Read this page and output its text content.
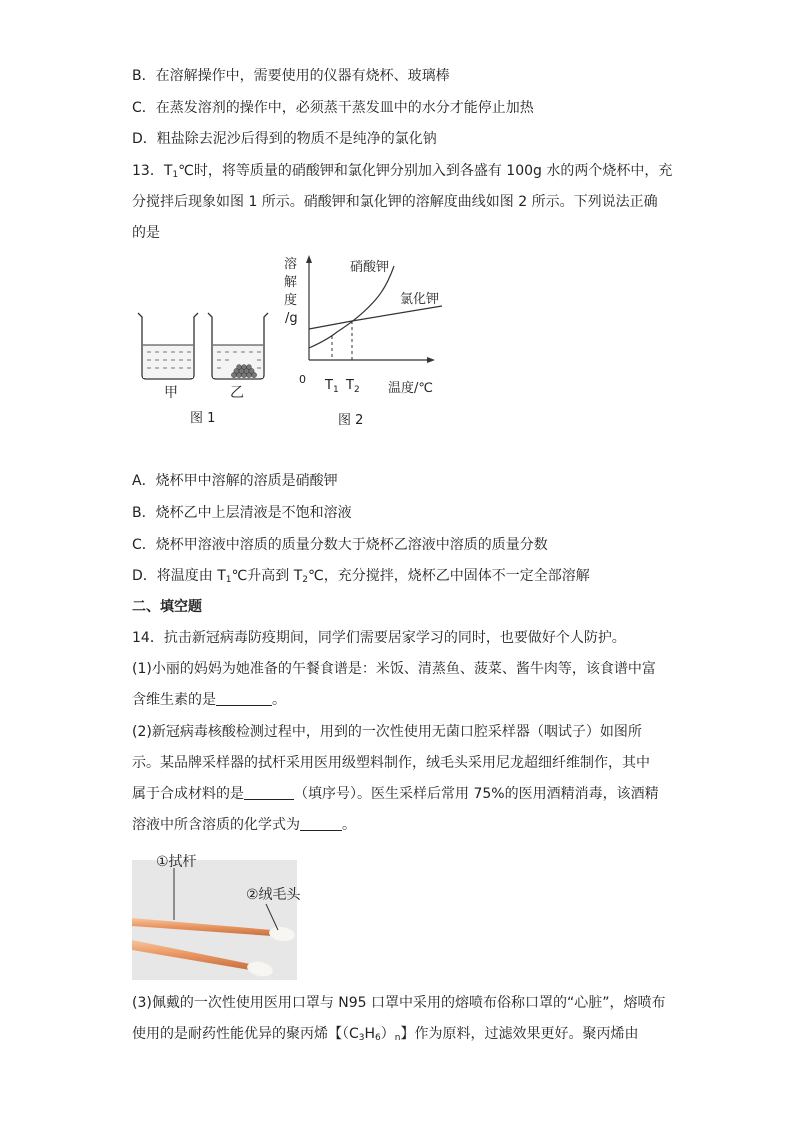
B．在溶解操作中，需要使用的仪器有烧杯、玻璃棒
C．在蒸发溶剂的操作中，必须蒸干蒸发皿中的水分才能停止加热
D．粗盐除去泥沙后得到的物质不是纯净的氯化钠
13．$T_1℃$时，将等质量的硝酸钾和氯化钾分别加入到各盛有 100g 水的两个烧杯中，充
分搅拌后现象如图 1 所示。硝酸钾和氯化钾的溶解度曲线如图 2 所示。下列说法正确
的是
甲	乙
图 1
溶
解
度
/g
0
硝酸钾
氯化钾
$T_1$ $T_2$ 温度/℃
图 2
A．烧杯甲中溶解的溶质是硝酸钾
B．烧杯乙中上层清液是不饱和溶液
C．烧杯甲溶液中溶质的质量分数大于烧杯乙溶液中溶质的质量分数
D．将温度由 $T_1℃$升高到 $T_2℃$，充分搅拌，烧杯乙中固体不一定全部溶解
二、填空题
14．抗击新冠病毒防疫期间，同学们需要居家学习的同时，也要做好个人防护。
(1)小丽的妈妈为她准备的午餐食谱是：米饭、清蒸鱼、菠菜、酱牛肉等，该食谱中富
含维生素的是	。
(2)新冠病毒核酸检测过程中，用到的一次性使用无菌口腔采样器（咽试子）如图所
示。某品牌采样器的拭杆采用医用级塑料制作，绒毛头采用尼龙超细纤维制作，其中
属于合成材料的是	（填序号）。医生采样后常用 75%的医用酒精消毒，该酒精
溶液中所含溶质的化学式为	。
①拭杆
②绒毛头
(3)佩戴的一次性使用医用口罩与 N95 口罩中采用的熔喷布俗称口罩的“心脏”，熔喷布
使用的是耐药性能优异的聚丙烯【$(C_3H_6)_n$】作为原料，过滤效果更好。聚丙烯由
